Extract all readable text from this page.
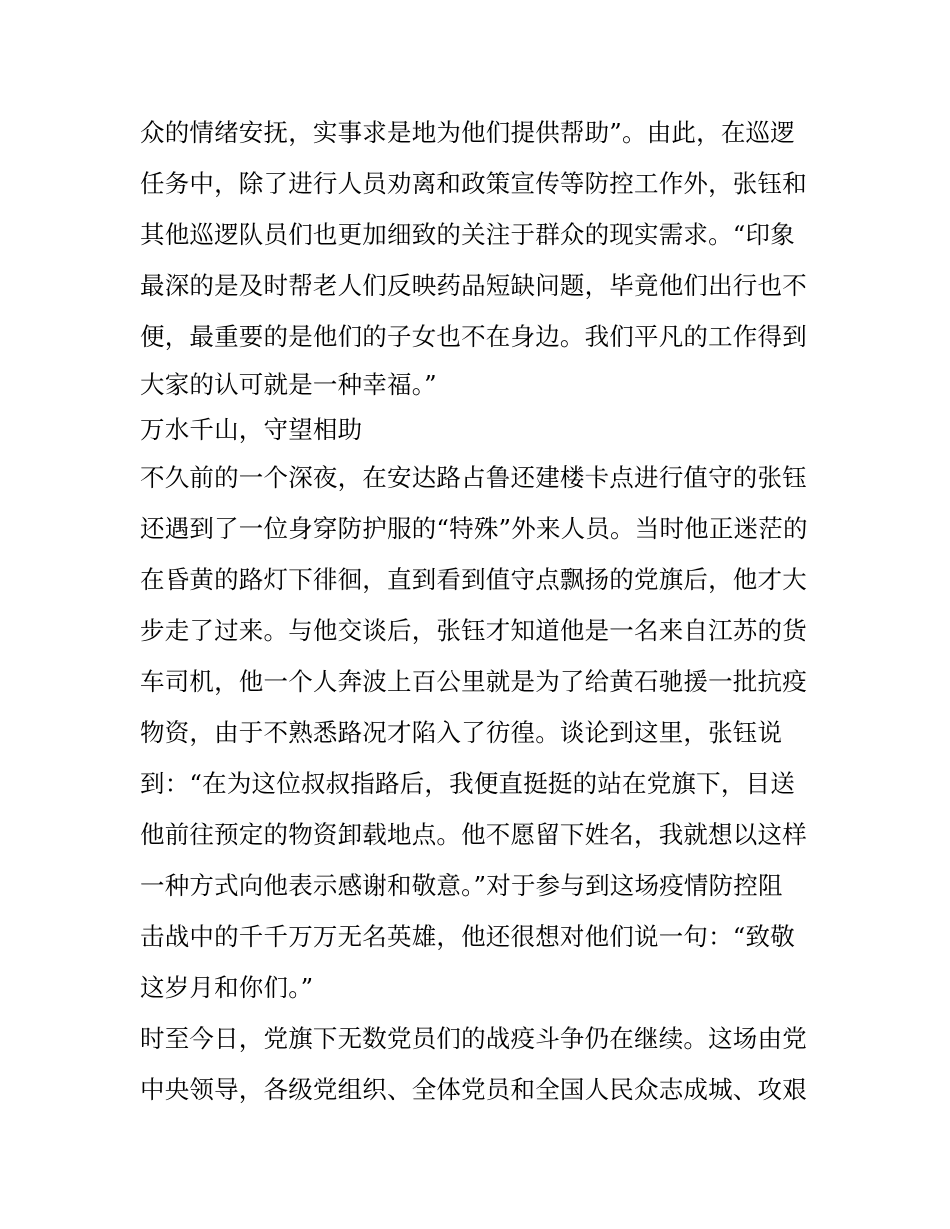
众的情绪安抚，实事求是地为他们提供帮助”。由此，在巡逻
任务中，除了进行人员劝离和政策宣传等防控工作外，张钰和
其他巡逻队员们也更加细致的关注于群众的现实需求。“印象
最深的是及时帮老人们反映药品短缺问题，毕竟他们出行也不
便，最重要的是他们的子女也不在身边。我们平凡的工作得到
大家的认可就是一种幸福。”
万水千山，守望相助
不久前的一个深夜，在安达路占鲁还建楼卡点进行值守的张钰
还遇到了一位身穿防护服的“特殊”外来人员。当时他正迷茫的
在昏黄的路灯下徘徊，直到看到值守点飘扬的党旗后，他才大
步走了过来。与他交谈后，张钰才知道他是一名来自江苏的货
车司机，他一个人奔波上百公里就是为了给黄石驰援一批抗疫
物资，由于不熟悉路况才陷入了彷徨。谈论到这里，张钰说
到：“在为这位叔叔指路后，我便直挺挺的站在党旗下，目送
他前往预定的物资卸载地点。他不愿留下姓名，我就想以这样
一种方式向他表示感谢和敬意。”对于参与到这场疫情防控阻
击战中的千千万万无名英雄，他还很想对他们说一句：“致敬
这岁月和你们。”
时至今日，党旗下无数党员们的战疫斗争仍在继续。这场由党
中央领导，各级党组织、全体党员和全国人民众志成城、攻艰
